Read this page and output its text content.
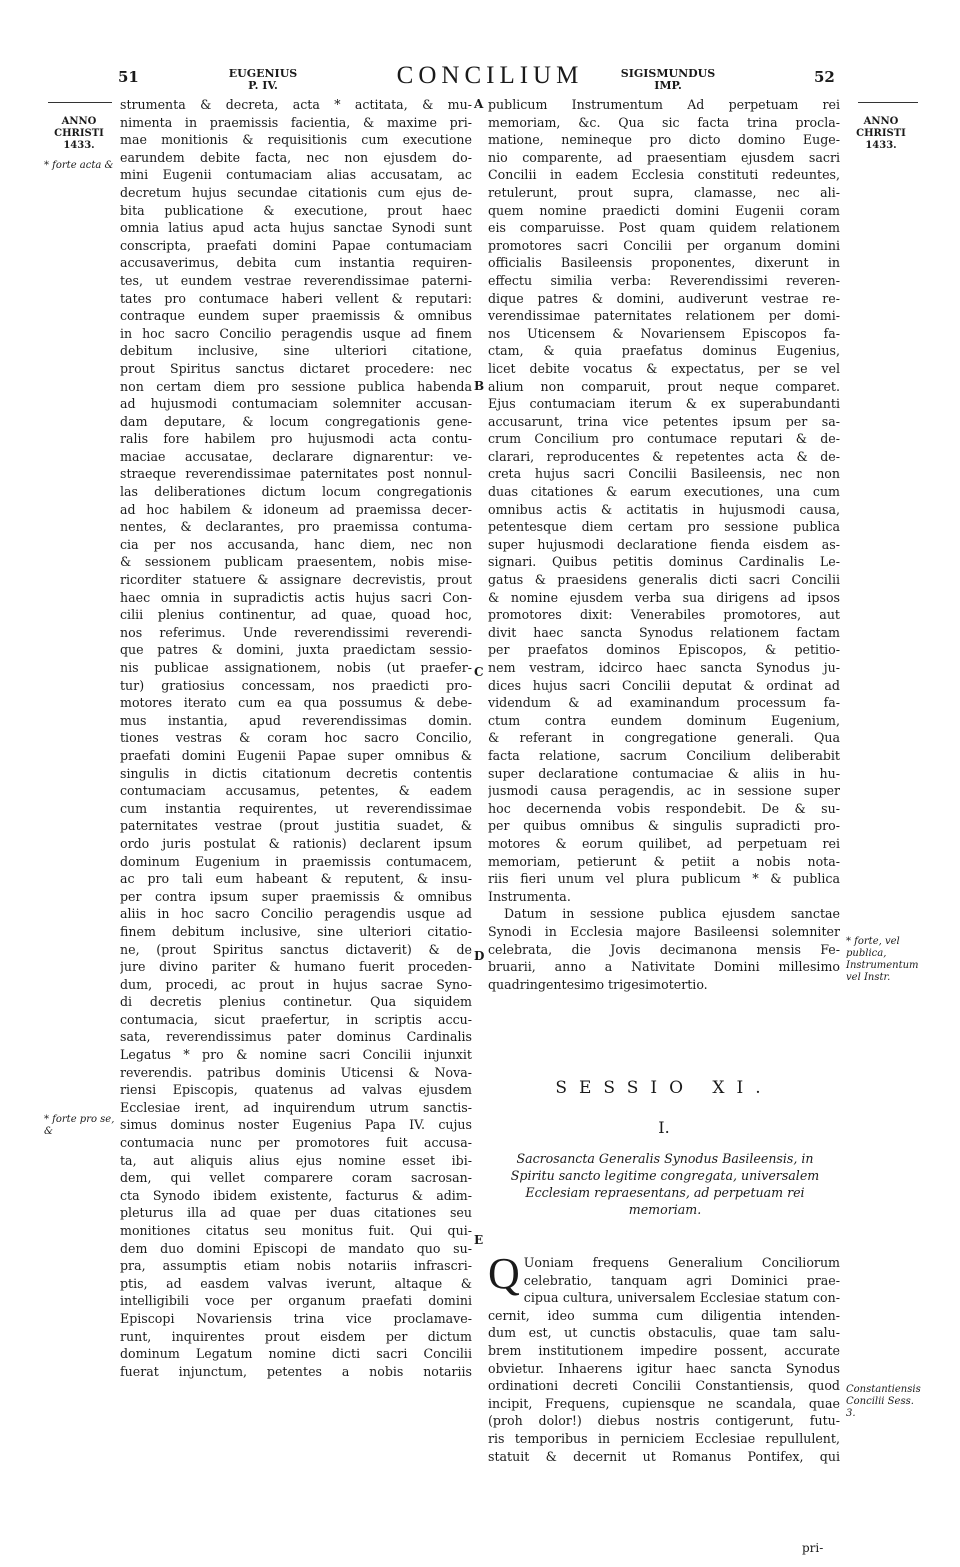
51	EUGENIUS
P. IV.	CONCILIUM	SIGISMUNDUS
IMP.	52
ANNO
CHRISTI
1433.
ANNO
CHRISTI
1433.
* forte acta &
* forte pro se, &
* forte, vel publica, Instrumentum vel Instr.
Constantiensis Concilii Sess. 3.
A
B
C
D
E
strumenta & decreta, acta * actitata, & mu-
nimenta in praemissis facientia, & maxime pri-
mae monitionis & requisitionis cum executione
earundem debite facta, nec non ejusdem do-
mini Eugenii contumaciam alias accusatam, ac
decretum hujus secundae citationis cum ejus de-
bita publicatione & executione, prout haec
omnia latius apud acta hujus sanctae Synodi sunt
conscripta, praefati domini Papae contumaciam
accusaverimus, debita cum instantia requiren-
tes, ut eundem vestrae reverendissimae paterni-
tates pro contumace haberi vellent & reputari:
contraque eundem super praemissis & omnibus
in hoc sacro Concilio peragendis usque ad finem
debitum inclusive, sine ulteriori citatione,
prout Spiritus sanctus dictaret procedere: nec
non certam diem pro sessione publica habenda
ad hujusmodi contumaciam solemniter accusan-
dam deputare, & locum congregationis gene-
ralis fore habilem pro hujusmodi acta contu-
maciae accusatae, declarare dignarentur: ve-
straeque reverendissimae paternitates post nonnul-
las deliberationes dictum locum congregationis
ad hoc habilem & idoneum ad praemissa decer-
nentes, & declarantes, pro praemissa contuma-
cia per nos accusanda, hanc diem, nec non
& sessionem publicam praesentem, nobis mise-
ricorditer statuere & assignare decrevistis, prout
haec omnia in supradictis actis hujus sacri Con-
cilii plenius continentur, ad quae, quoad hoc,
nos referimus. Unde reverendissimi reverendi-
que patres & domini, juxta praedictam sessio-
nis publicae assignationem, nobis (ut praefer-
tur) gratiosius concessam, nos praedicti pro-
motores iterato cum ea qua possumus & debe-
mus instantia, apud reverendissimas domin.
tiones vestras & coram hoc sacro Concilio,
praefati domini Eugenii Papae super omnibus &
singulis in dictis citationum decretis contentis
contumaciam accusamus, petentes, & eadem
cum instantia requirentes, ut reverendissimae
paternitates vestrae (prout justitia suadet, &
ordo juris postulat & rationis) declarent ipsum
dominum Eugenium in praemissis contumacem,
ac pro tali eum habeant & reputent, & insu-
per contra ipsum super praemissis & omnibus
aliis in hoc sacro Concilio peragendis usque ad
finem debitum inclusive, sine ulteriori citatio-
ne, (prout Spiritus sanctus dictaverit) & de
jure divino pariter & humano fuerit proceden-
dum, procedi, ac prout in hujus sacrae Syno-
di decretis plenius continetur. Qua siquidem
contumacia, sicut praefertur, in scriptis accu-
sata, reverendissimus pater dominus Cardinalis
Legatus * pro & nomine sacri Concilii injunxit
reverendis. patribus dominis Uticensi & Nova-
riensi Episcopis, quatenus ad valvas ejusdem
Ecclesiae irent, ad inquirendum utrum sanctis-
simus dominus noster Eugenius Papa IV. cujus
contumacia nunc per promotores fuit accusa-
ta, aut aliquis alius ejus nomine esset ibi-
dem, qui vellet comparere coram sacrosan-
cta Synodo ibidem existente, facturus & adim-
pleturus illa ad quae per duas citationes seu
monitiones citatus seu monitus fuit. Qui qui-
dem duo domini Episcopi de mandato quo su-
pra, assumptis etiam nobis notariis infrascri-
ptis, ad easdem valvas iverunt, altaque &
intelligibili voce per organum praefati domini
Episcopi Novariensis trina vice proclamave-
runt, inquirentes prout eisdem per dictum
dominum Legatum nomine dicti sacri Concilii
fuerat injunctum, petentes a nobis notariis
publicum Instrumentum Ad perpetuam rei
memoriam, &c. Qua sic facta trina procla-
matione, nemineque pro dicto domino Euge-
nio comparente, ad praesentiam ejusdem sacri
Concilii in eadem Ecclesia constituti redeuntes,
retulerunt, prout supra, clamasse, nec ali-
quem nomine praedicti domini Eugenii coram
eis comparuisse. Post quam quidem relationem
promotores sacri Concilii per organum domini
officialis Basileensis proponentes, dixerunt in
effectu similia verba: Reverendissimi reveren-
dique patres & domini, audiverunt vestrae re-
verendissimae paternitates relationem per domi-
nos Uticensem & Novariensem Episcopos fa-
ctam, & quia praefatus dominus Eugenius,
licet debite vocatus & expectatus, per se vel
alium non comparuit, prout neque comparet.
Ejus contumaciam iterum & ex superabundanti
accusarunt, trina vice petentes ipsum per sa-
crum Concilium pro contumace reputari & de-
clarari, reproducentes & repetentes acta & de-
creta hujus sacri Concilii Basileensis, nec non
duas citationes & earum executiones, una cum
omnibus actis & actitatis in hujusmodi causa,
petentesque diem certam pro sessione publica
super hujusmodi declaratione fienda eisdem as-
signari. Quibus petitis dominus Cardinalis Le-
gatus & praesidens generalis dicti sacri Concilii
& nomine ejusdem verba sua dirigens ad ipsos
promotores dixit: Venerabiles promotores, aut
divit haec sancta Synodus relationem factam
per praefatos dominos Episcopos, & petitio-
nem vestram, idcirco haec sancta Synodus ju-
dices hujus sacri Concilii deputat & ordinat ad
videndum & ad examinandum processum fa-
ctum contra eundem dominum Eugenium,
& referant in congregatione generali. Qua
facta relatione, sacrum Concilium deliberabit
super declaratione contumaciae & aliis in hu-
jusmodi causa peragendis, ac in sessione super
hoc decernenda vobis respondebit. De & su-
per quibus omnibus & singulis supradicti pro-
motores & eorum quilibet, ad perpetuam rei
memoriam, petierunt & petiit a nobis nota-
riis fieri unum vel plura publicum * & publica
Instrumenta.
Datum in sessione publica ejusdem sanctae
Synodi in Ecclesia majore Basileensi solemniter
celebrata, die Jovis decimanona mensis Fe-
bruarii, anno a Nativitate Domini millesimo
quadringentesimo trigesimotertio.
SESSIO XI.
I.
Sacrosancta Generalis Synodus Basileensis, in Spiritu sancto legitime congregata, universalem Ecclesiam repraesentans, ad perpetuam rei memoriam.
Q Uoniam frequens Generalium Conciliorum
celebratio, tanquam agri Dominici prae-
cipua cultura, universalem Ecclesiae statum con-
cernit, ideo summa cum diligentia intenden-
dum est, ut cunctis obstaculis, quae tam salu-
brem institutionem impedire possent, accurate
obvietur. Inhaerens igitur haec sancta Synodus
ordinationi decreti Concilii Constantiensis, quod
incipit, Frequens, cupiensque ne scandala, quae
(proh dolor!) diebus nostris contigerunt, futu-
ris temporibus in perniciem Ecclesiae repullulent,
statuit & decernit ut Romanus Pontifex, qui
pri-
